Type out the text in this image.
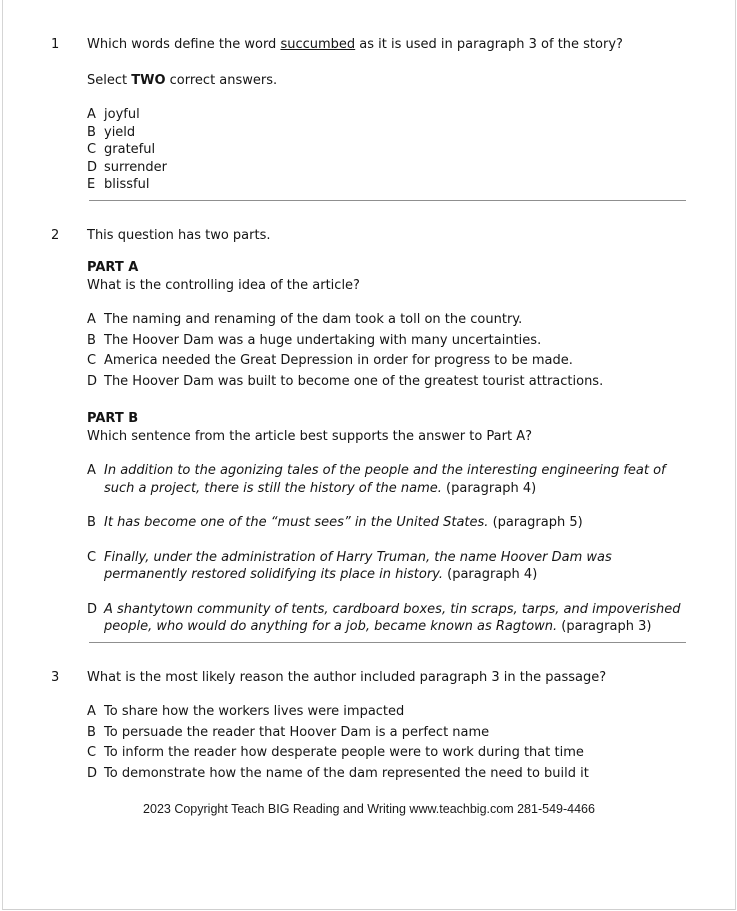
1	Which words define the word succumbed as it is used in paragraph 3 of the story?

Select TWO correct answers.

A joyful
B yield
C grateful
D surrender
E blissful
2	This question has two parts.

PART A

What is the controlling idea of the article?

A The naming and renaming of the dam took a toll on the country.
B The Hoover Dam was a huge undertaking with many uncertainties.
C America needed the Great Depression in order for progress to be made.
D The Hoover Dam was built to become one of the greatest tourist attractions.

PART B

Which sentence from the article best supports the answer to Part A?

A In addition to the agonizing tales of the people and the interesting engineering feat of such a project, there is still the history of the name. (paragraph 4)
B It has become one of the “must sees” in the United States. (paragraph 5)
C Finally, under the administration of Harry Truman, the name Hoover Dam was permanently restored solidifying its place in history. (paragraph 4)
D A shantytown community of tents, cardboard boxes, tin scraps, tarps, and impoverished people, who would do anything for a job, became known as Ragtown. (paragraph 3)
3	What is the most likely reason the author included paragraph 3 in the passage?

A To share how the workers lives were impacted
B To persuade the reader that Hoover Dam is a perfect name
C To inform the reader how desperate people were to work during that time
D To demonstrate how the name of the dam represented the need to build it
2023 Copyright Teach BIG Reading and Writing www.teachbig.com 281-549-4466
